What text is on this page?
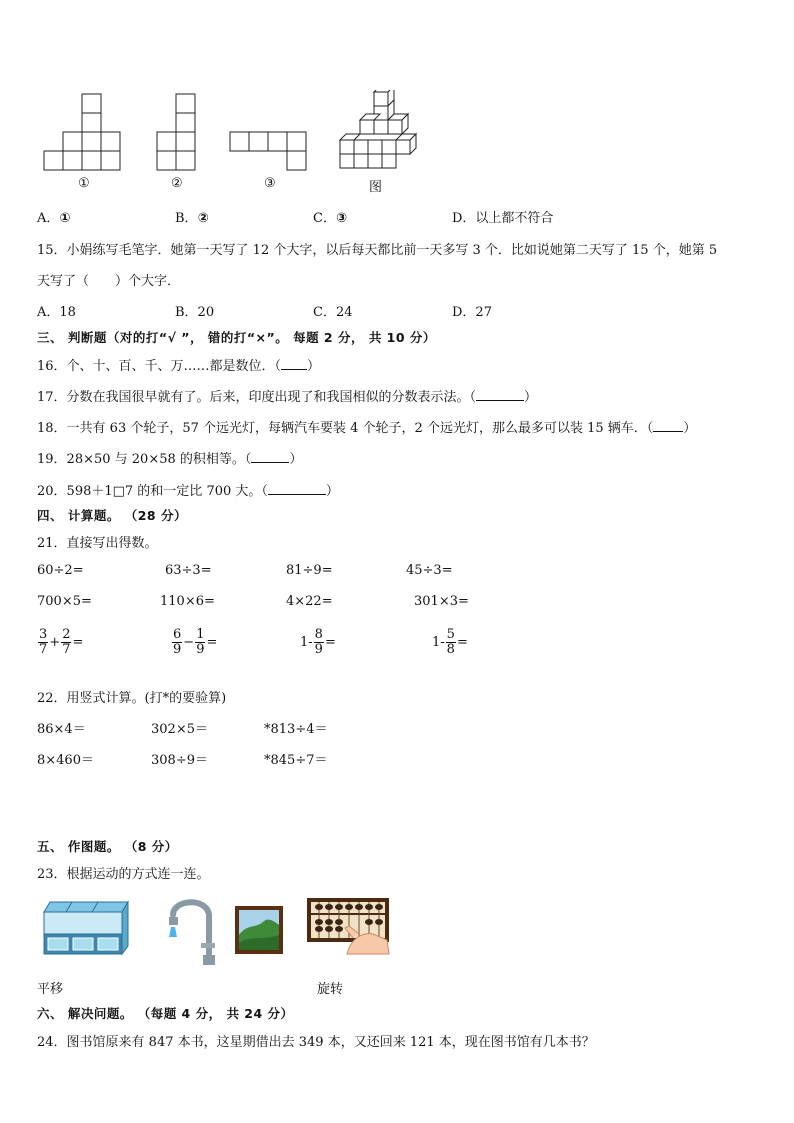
①	②	③	图
A．①	B．②	C．③	D．以上都不符合
15．小娟练写毛笔字．她第一天写了 12 个大字，以后每天都比前一天多写 3 个．比如说她第二天写了 15 个，她第 5
天写了（　　）个大字．
A．18	B．20	C．24	D．27
三、 判断题（对的打“√ ”， 错的打“×”。 每题 2 分， 共 10 分）
16．个、十、百、千、万……都是数位．（ ）
17．分数在我国很早就有了。后来，印度出现了和我国相似的分数表示法。（	）
18．一共有 63 个轮子，57 个远光灯，每辆汽车要装 4 个轮子，2 个远光灯，那么最多可以装 15 辆车．（ ）
19．28×50 与 20×58 的积相等。（	）
20．598＋1□7 的和一定比 700 大。（	）
四、 计算题。 （28 分）
21．直接写出得数。
60÷2=	63÷3=	81÷9=	45÷3=
700×5=	110×6=	4×22=	301×3=
$\frac{3}{7} + \frac{2}{7}$ =	$\frac{6}{9} - \frac{1}{9}$ =	$1- \frac{8}{9}$ =	$1- \frac{5}{8}$ =
22．用竖式计算。(打*的要验算)
86×4＝	302×5＝	*813÷4＝
8×460＝	308÷9＝	*845÷7＝
五、 作图题。 （8 分）
23．根据运动的方式连一连。
平移	旋转
六、 解决问题。 （每题 4 分， 共 24 分）
24．图书馆原来有 847 本书，这星期借出去 349 本，又还回来 121 本，现在图书馆有几本书？
